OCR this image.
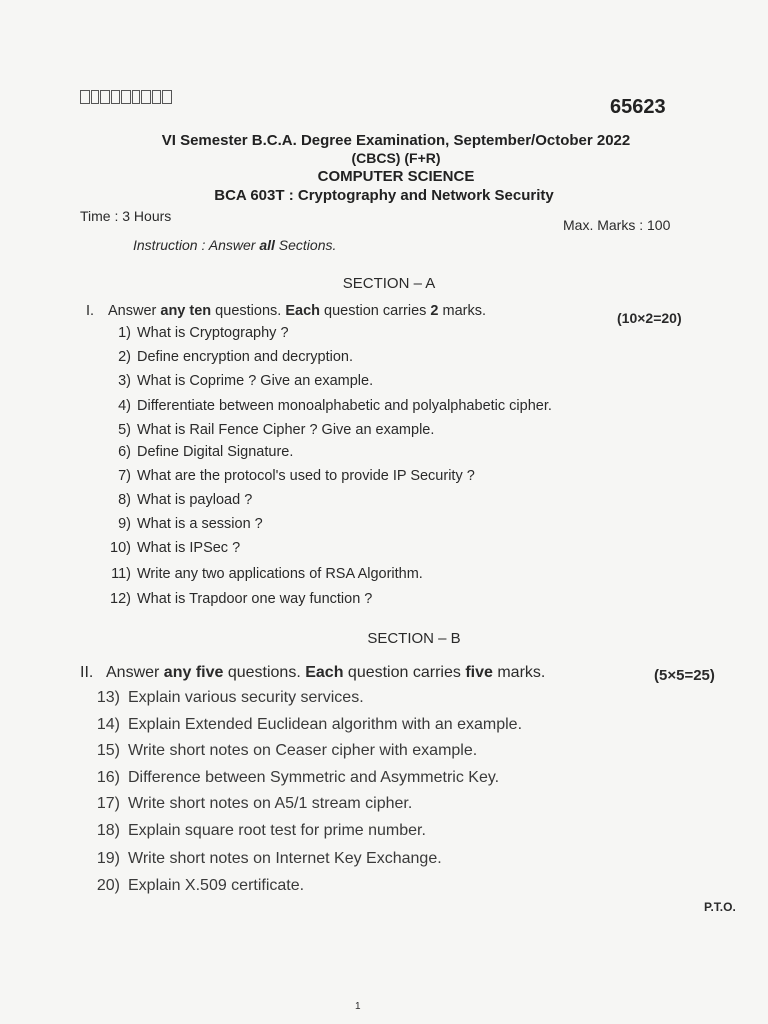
65623
VI Semester B.C.A. Degree Examination, September/October 2022
(CBCS) (F+R)
COMPUTER SCIENCE
BCA 603T : Cryptography and Network Security
Time : 3 Hours
Max. Marks : 100
Instruction : Answer all Sections.
SECTION – A
I. Answer any ten questions. Each question carries 2 marks.	(10×2=20)
1) What is Cryptography ?
2) Define encryption and decryption.
3) What is Coprime ? Give an example.
4) Differentiate between monoalphabetic and polyalphabetic cipher.
5) What is Rail Fence Cipher ? Give an example.
6) Define Digital Signature.
7) What are the protocol's used to provide IP Security ?
8) What is payload ?
9) What is a session ?
10) What is IPSec ?
11) Write any two applications of RSA Algorithm.
12) What is Trapdoor one way function ?
SECTION – B
II. Answer any five questions. Each question carries five marks.	(5×5=25)
13) Explain various security services.
14) Explain Extended Euclidean algorithm with an example.
15) Write short notes on Ceaser cipher with example.
16) Difference between Symmetric and Asymmetric Key.
17) Write short notes on A5/1 stream cipher.
18) Explain square root test for prime number.
19) Write short notes on Internet Key Exchange.
20) Explain X.509 certificate.
P.T.O.
1
